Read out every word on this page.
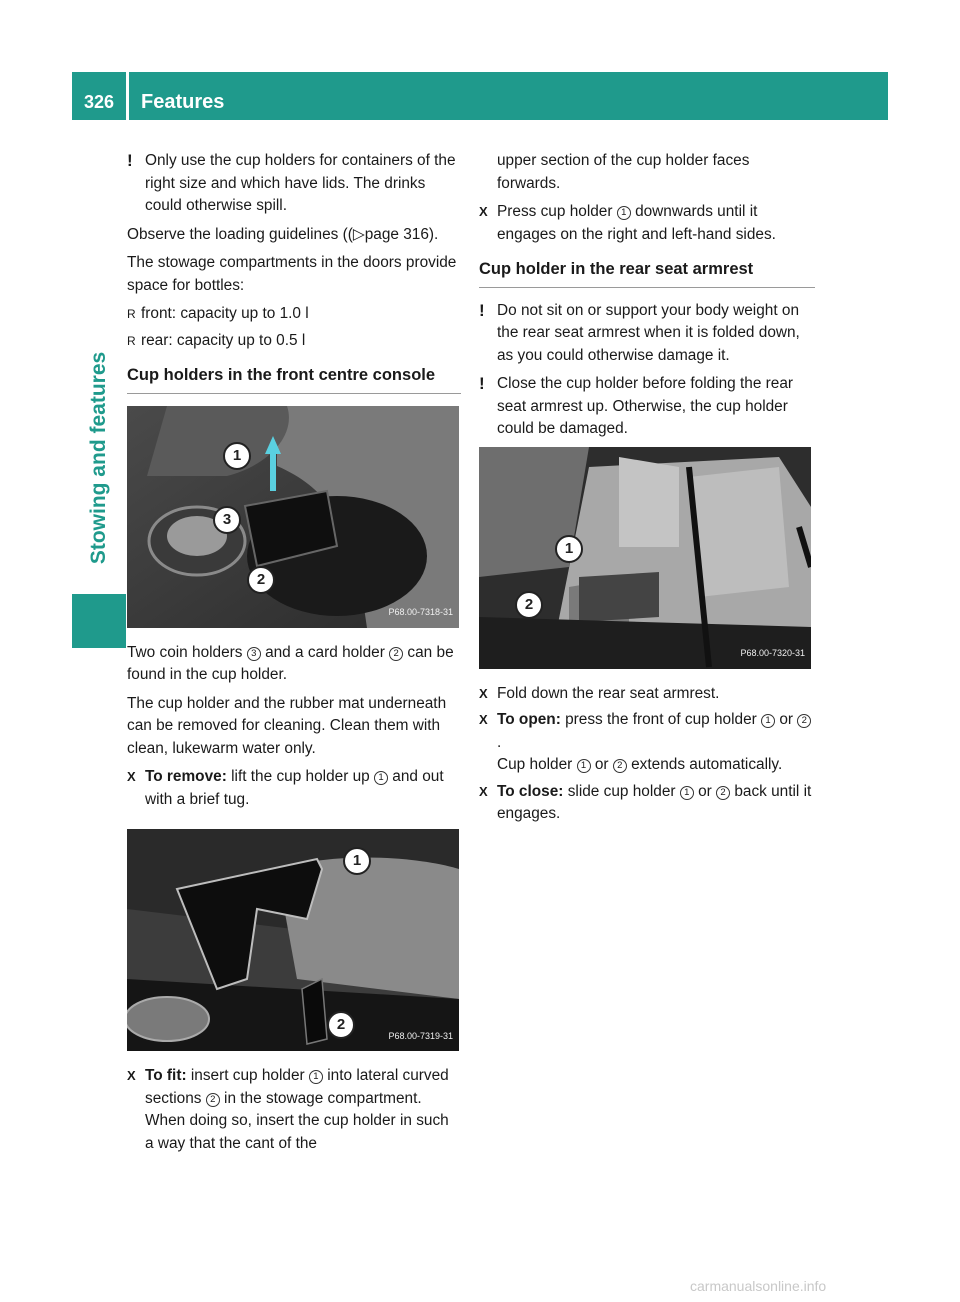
326	Features
Stowing and features
! Only use the cup holders for containers of the right size and which have lids. The drinks could otherwise spill.
Observe the loading guidelines ((▷page 316).
The stowage compartments in the doors provide space for bottles:
R front: capacity up to 1.0 l
R rear: capacity up to 0.5 l
Cup holders in the front centre console
1
3
2
P68.00-7318-31
Two coin holders 3 and a card holder 2 can be found in the cup holder.
The cup holder and the rubber mat underneath can be removed for cleaning. Clean them with clean, lukewarm water only.
X To remove: lift the cup holder up 1 and out with a brief tug.
1
2
P68.00-7319-31
X To fit: insert cup holder 1 into lateral curved sections 2 in the stowage compartment. When doing so, insert the cup holder in such a way that the cant of the
upper section of the cup holder faces forwards.
X Press cup holder 1 downwards until it engages on the right and left-hand sides.
Cup holder in the rear seat armrest
! Do not sit on or support your body weight on the rear seat armrest when it is folded down, as you could otherwise damage it.
! Close the cup holder before folding the rear seat armrest up. Otherwise, the cup holder could be damaged.
1
2
P68.00-7320-31
X Fold down the rear seat armrest.
X To open: press the front of cup holder 1 or 2.
Cup holder 1 or 2 extends automatically.
X To close: slide cup holder 1 or 2 back until it engages.
carmanualsonline.info
